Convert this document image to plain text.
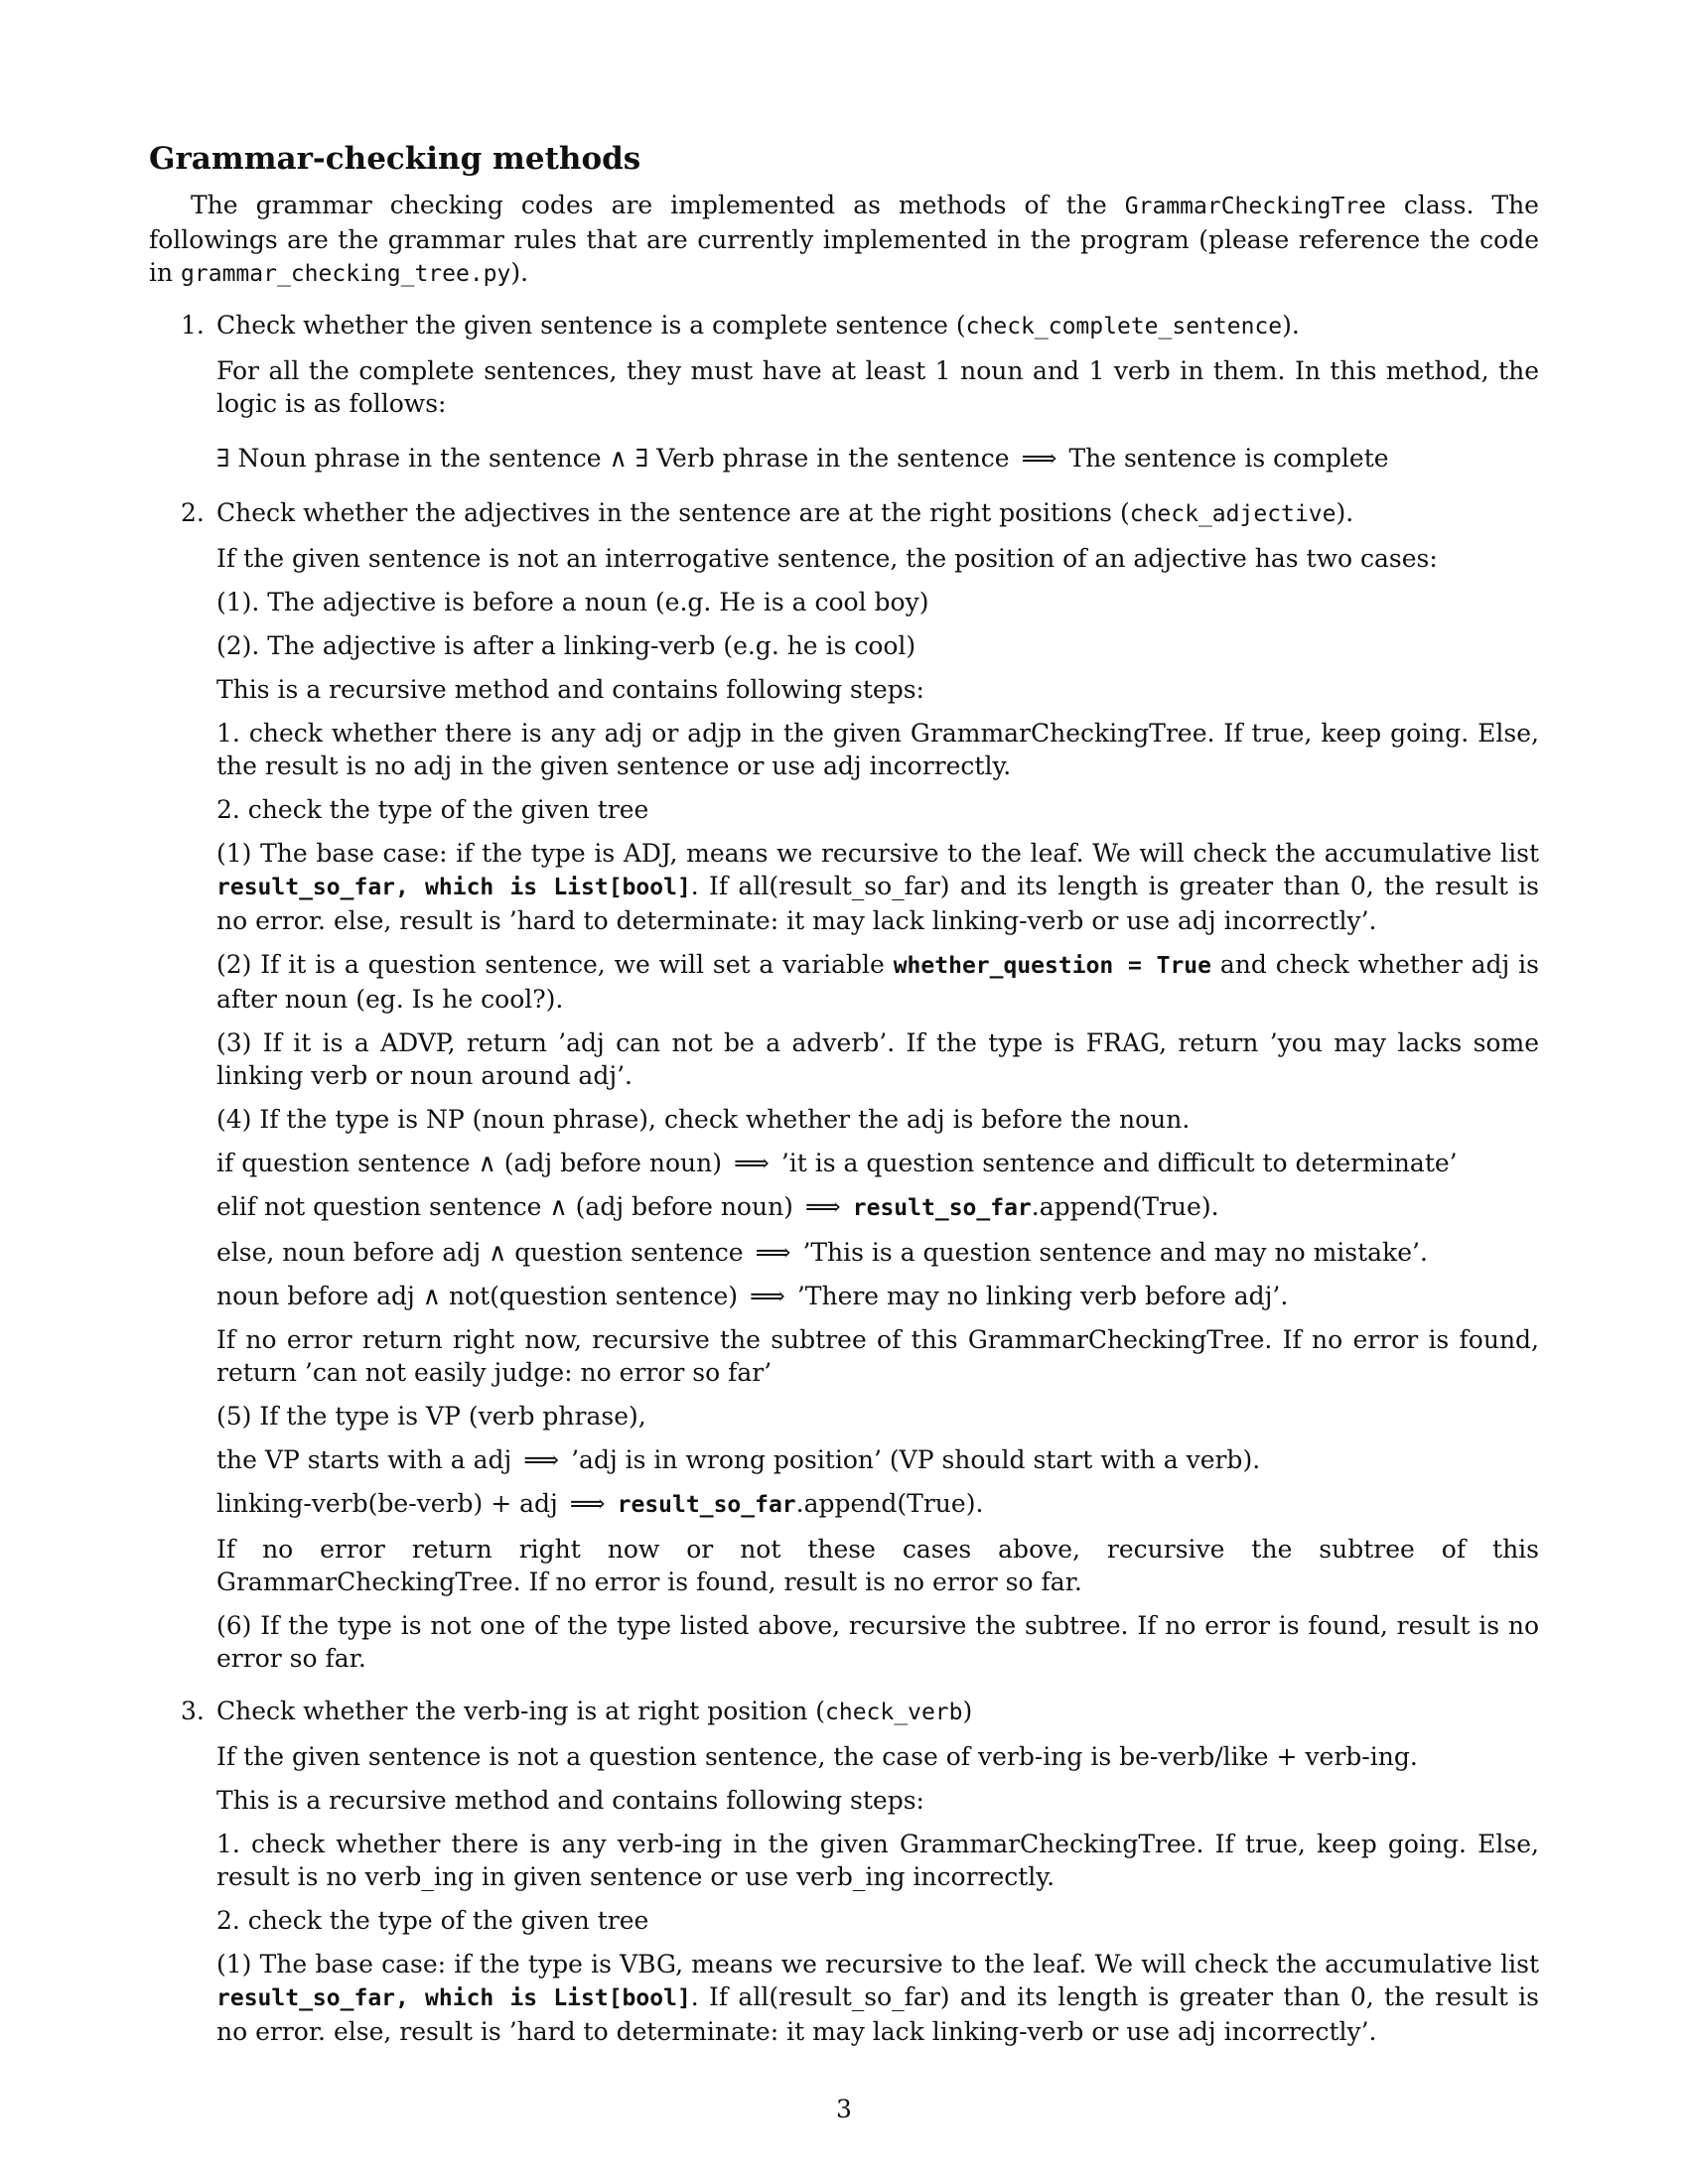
Grammar-checking methods

The grammar checking codes are implemented as methods of the GrammarCheckingTree class. The followings are the grammar rules that are currently implemented in the program (please reference the code in grammar_checking_tree.py).

1. Check whether the given sentence is a complete sentence (check_complete_sentence).

For all the complete sentences, they must have at least 1 noun and 1 verb in them. In this method, the logic is as follows:

∃ Noun phrase in the sentence ∧ ∃ Verb phrase in the sentence ⟹ The sentence is complete

2. Check whether the adjectives in the sentence are at the right positions (check_adjective).

If the given sentence is not an interrogative sentence, the position of an adjective has two cases:

(1). The adjective is before a noun (e.g. He is a cool boy)

(2). The adjective is after a linking-verb (e.g. he is cool)

This is a recursive method and contains following steps:

1. check whether there is any adj or adjp in the given GrammarCheckingTree. If true, keep going. Else, the result is no adj in the given sentence or use adj incorrectly.

2. check the type of the given tree

(1) The base case: if the type is ADJ, means we recursive to the leaf. We will check the accumulative list result_so_far, which is List[bool]. If all(result_so_far) and its length is greater than 0, the result is no error. else, result is ’hard to determinate: it may lack linking-verb or use adj incorrectly’.

(2) If it is a question sentence, we will set a variable whether_question = True and check whether adj is after noun (eg. Is he cool?).

(3) If it is a ADVP, return ’adj can not be a adverb’. If the type is FRAG, return ’you may lacks some linking verb or noun around adj’.

(4) If the type is NP (noun phrase), check whether the adj is before the noun.

if question sentence ∧ (adj before noun) ⟹ ’it is a question sentence and difficult to determinate’

elif not question sentence ∧ (adj before noun) ⟹ result_so_far.append(True).

else, noun before adj ∧ question sentence ⟹ ’This is a question sentence and may no mistake’.

noun before adj ∧ not(question sentence) ⟹ ’There may no linking verb before adj’.

If no error return right now, recursive the subtree of this GrammarCheckingTree. If no error is found, return ’can not easily judge: no error so far’

(5) If the type is VP (verb phrase),

the VP starts with a adj ⟹ ’adj is in wrong position’ (VP should start with a verb).

linking-verb(be-verb) + adj ⟹ result_so_far.append(True).

If no error return right now or not these cases above, recursive the subtree of this GrammarCheckingTree. If no error is found, result is no error so far.

(6) If the type is not one of the type listed above, recursive the subtree. If no error is found, result is no error so far.

3. Check whether the verb-ing is at right position (check_verb)

If the given sentence is not a question sentence, the case of verb-ing is be-verb/like + verb-ing.

This is a recursive method and contains following steps:

1. check whether there is any verb-ing in the given GrammarCheckingTree. If true, keep going. Else, result is no verb_ing in given sentence or use verb_ing incorrectly.

2. check the type of the given tree

(1) The base case: if the type is VBG, means we recursive to the leaf. We will check the accumulative list result_so_far, which is List[bool]. If all(result_so_far) and its length is greater than 0, the result is no error. else, result is ’hard to determinate: it may lack linking-verb or use adj incorrectly’.

3
